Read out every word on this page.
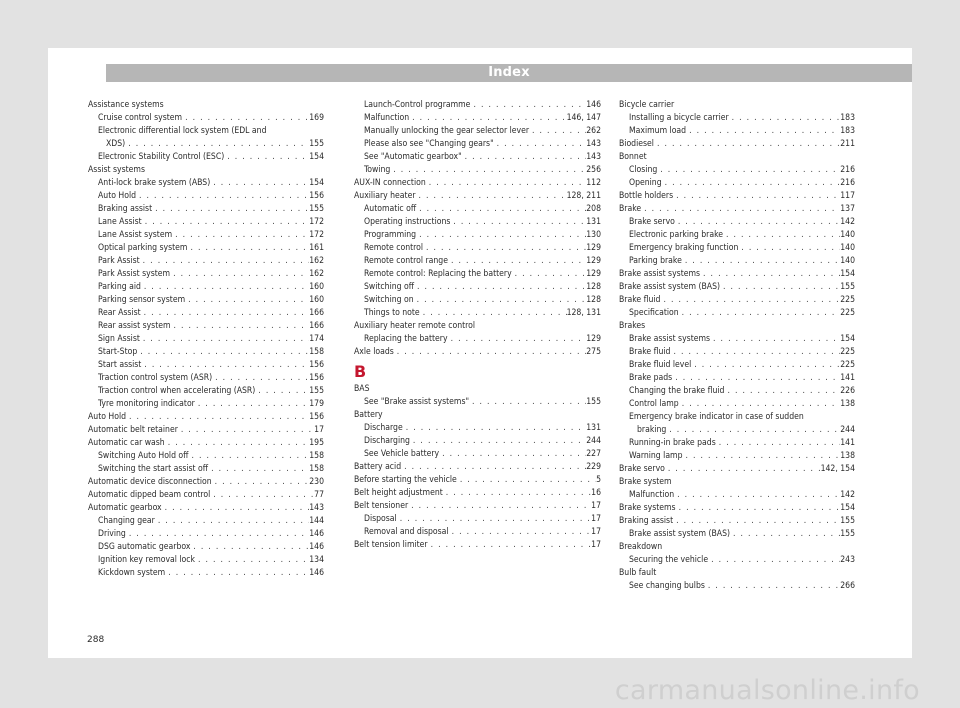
Index
Assistance systems
Cruise control system . . .	169
Electronic differential lock system (EDL and
XDS) . . .	155
Electronic Stability Control (ESC) . . .	154
Assist systems
Anti-lock brake system (ABS) . . .	154
Auto Hold . . .	156
Braking assist . . .	155
Lane Assist . . .	172
Lane Assist system . . .	172
Optical parking system . . .	161
Park Assist . . .	162
Park Assist system . . .	162
Parking aid . . .	160
Parking sensor system . . .	160
Rear Assist . . .	166
Rear assist system . . .	166
Sign Assist . . .	174
Start-Stop . . .	158
Start assist . . .	156
Traction control system (ASR) . . .	156
Traction control when accelerating (ASR) . . .	155
Tyre monitoring indicator . . .	179
Auto Hold . . .	156
Automatic belt retainer . . .	17
Automatic car wash . . .	195
Switching Auto Hold off . . .	158
Switching the start assist off . . .	158
Automatic device disconnection . . .	230
Automatic dipped beam control . . .	77
Automatic gearbox . . .	143
Changing gear . . .	144
Driving . . .	146
DSG automatic gearbox . . .	146
Ignition key removal lock . . .	134
Kickdown system . . .	146
Launch-Control programme . . .	146
Malfunction . . .	146, 147
Manually unlocking the gear selector lever . . .	262
Please also see "Changing gears" . . .	143
See "Automatic gearbox" . . .	143
Towing . . .	256
AUX-IN connection . . .	112
Auxiliary heater . . .	128, 211
Automatic off . . .	208
Operating instructions . . .	131
Programming . . .	130
Remote control . . .	129
Remote control range . . .	129
Remote control: Replacing the battery . . .	129
Switching off . . .	128
Switching on . . .	128
Things to note . . .	128, 131
Auxiliary heater remote control
Replacing the battery . . .	129
Axle loads . . .	275
B
BAS
See "Brake assist systems" . . .	155
Battery
Discharge . . .	131
Discharging . . .	244
See Vehicle battery . . .	227
Battery acid . . .	229
Before starting the vehicle . . .	5
Belt height adjustment . . .	16
Belt tensioner . . .	17
Disposal . . .	17
Removal and disposal . . .	17
Belt tension limiter . . .	17
Bicycle carrier
Installing a bicycle carrier . . .	183
Maximum load . . .	183
Biodiesel . . .	211
Bonnet
Closing . . .	216
Opening . . .	216
Bottle holders . . .	117
Brake . . .	137
Brake servo . . .	142
Electronic parking brake . . .	140
Emergency braking function . . .	140
Parking brake . . .	140
Brake assist systems . . .	154
Brake assist system (BAS) . . .	155
Brake fluid . . .	225
Specification . . .	225
Brakes
Brake assist systems . . .	154
Brake fluid . . .	225
Brake fluid level . . .	225
Brake pads . . .	141
Changing the brake fluid . . .	226
Control lamp . . .	138
Emergency brake indicator in case of sudden
braking . . .	244
Running-in brake pads . . .	141
Warning lamp . . .	138
Brake servo . . .	142, 154
Brake system
Malfunction . . .	142
Brake systems . . .	154
Braking assist . . .	155
Brake assist system (BAS) . . .	155
Breakdown
Securing the vehicle . . .	243
Bulb fault
See changing bulbs . . .	266
288
carmanualsonline.info
